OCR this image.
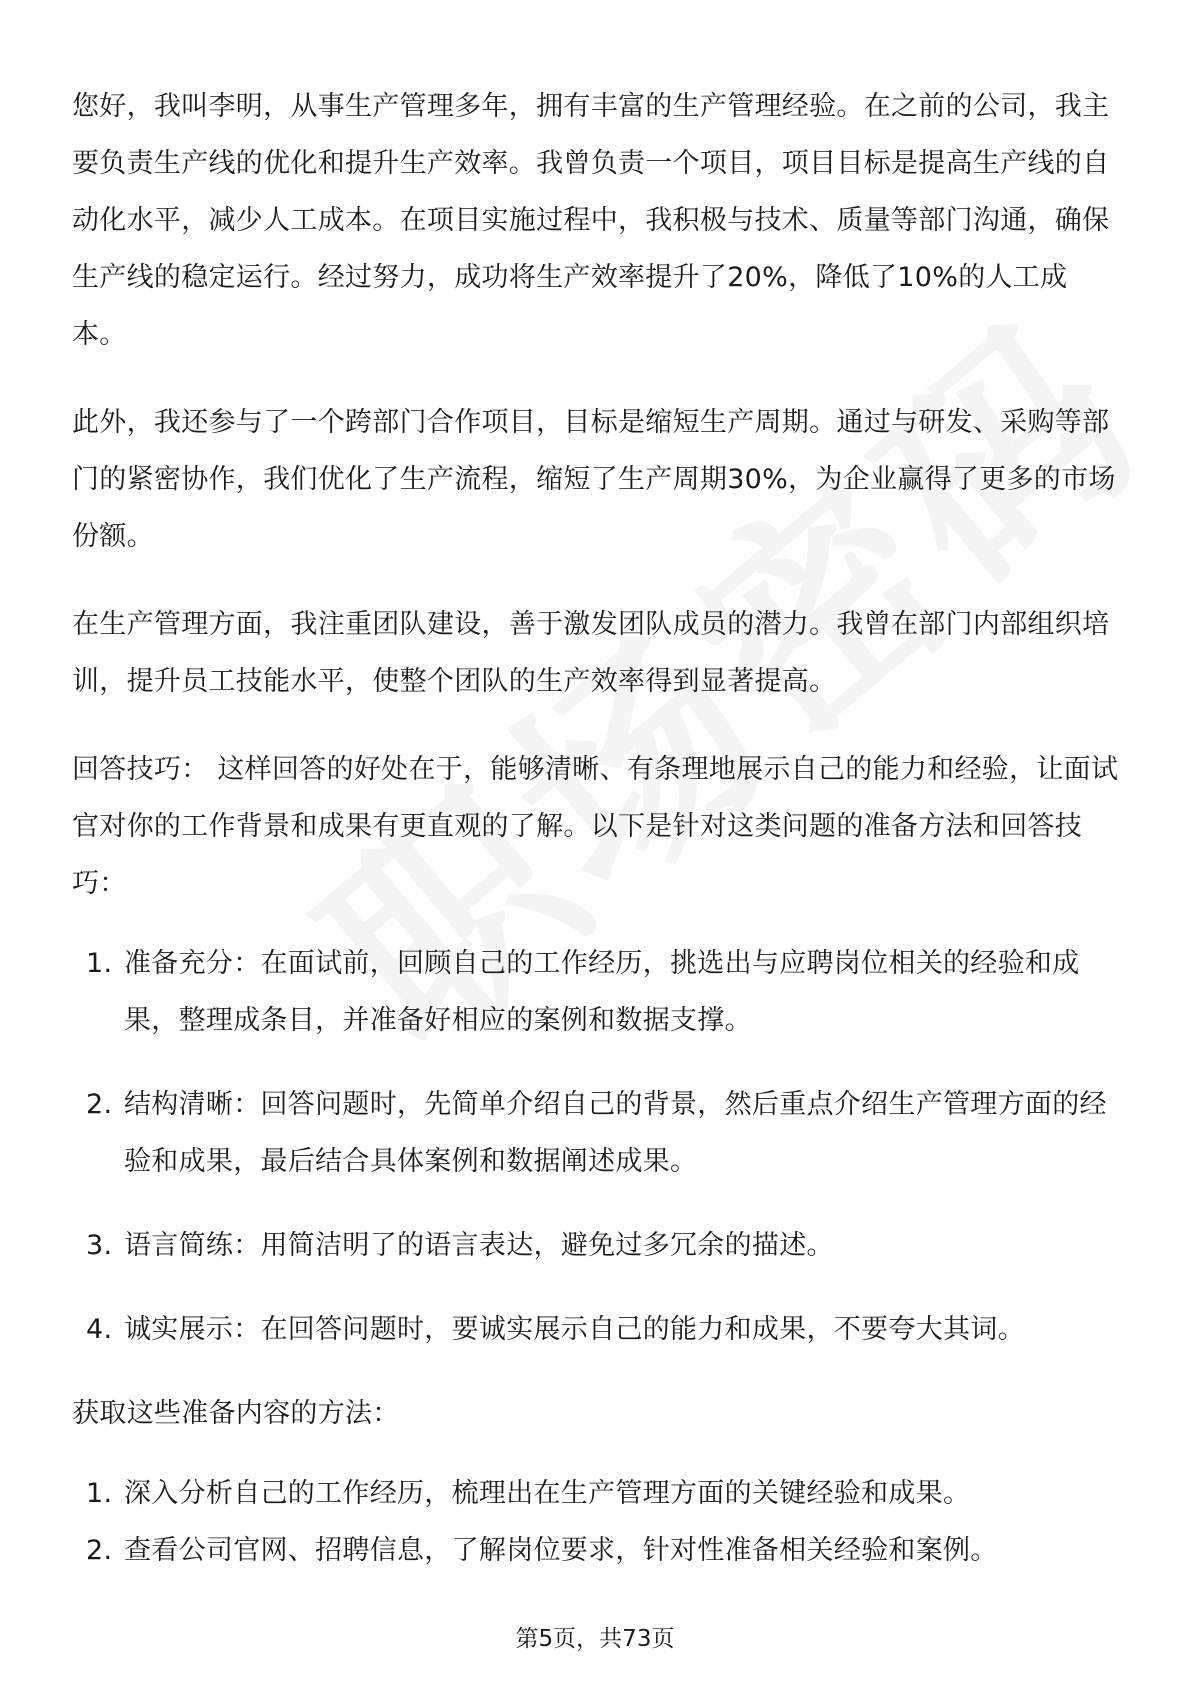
您好，我叫李明，从事生产管理多年，拥有丰富的生产管理经验。在之前的公司，我主要负责生产线的优化和提升生产效率。我曾负责一个项目，项目目标是提高生产线的自动化水平，减少人工成本。在项目实施过程中，我积极与技术、质量等部门沟通，确保生产线的稳定运行。经过努力，成功将生产效率提升了20%，降低了10%的人工成本。

此外，我还参与了一个跨部门合作项目，目标是缩短生产周期。通过与研发、采购等部门的紧密协作，我们优化了生产流程，缩短了生产周期30%，为企业赢得了更多的市场份额。

在生产管理方面，我注重团队建设，善于激发团队成员的潜力。我曾在部门内部组织培训，提升员工技能水平，使整个团队的生产效率得到显著提高。

回答技巧： 这样回答的好处在于，能够清晰、有条理地展示自己的能力和经验，让面试官对你的工作背景和成果有更直观的了解。以下是针对这类问题的准备方法和回答技巧：

1. 准备充分：在面试前，回顾自己的工作经历，挑选出与应聘岗位相关的经验和成果，整理成条目，并准备好相应的案例和数据支撑。
2. 结构清晰：回答问题时，先简单介绍自己的背景，然后重点介绍生产管理方面的经验和成果，最后结合具体案例和数据阐述成果。
3. 语言简练：用简洁明了的语言表达，避免过多冗余的描述。
4. 诚实展示：在回答问题时，要诚实展示自己的能力和成果，不要夸大其词。

获取这些准备内容的方法：

1. 深入分析自己的工作经历，梳理出在生产管理方面的关键经验和成果。
2. 查看公司官网、招聘信息，了解岗位要求，针对性准备相关经验和案例。
第5页，共73页
